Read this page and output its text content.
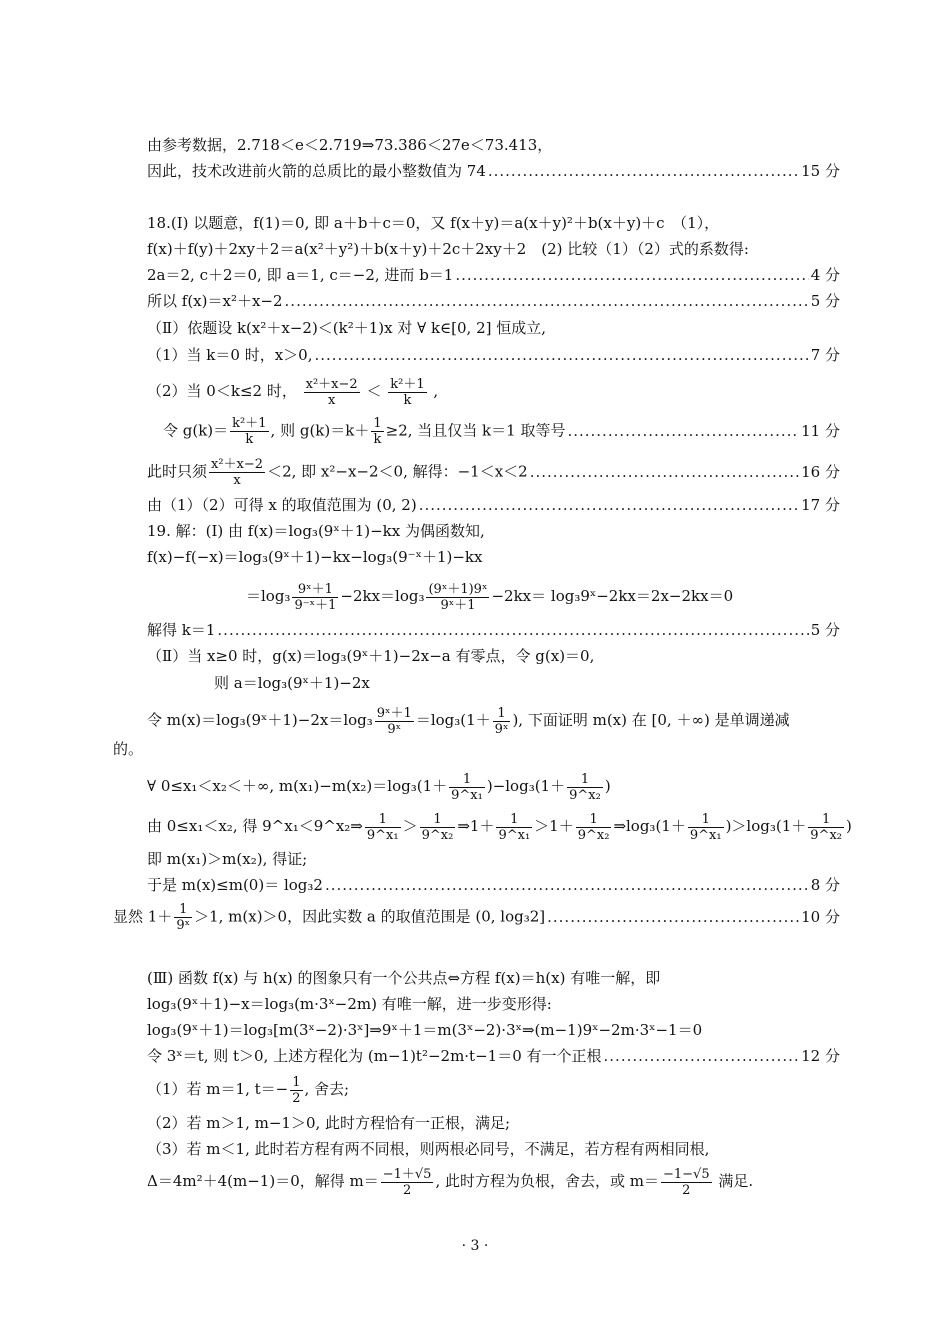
由参考数据，2.718＜e＜2.719⇒73.386＜27e＜73.413，
因此，技术改进前火箭的总质比的最小整数值为 74 .....	15 分
18.(Ⅰ) 以题意，f(1)＝0, 即 a＋b＋c＝0，又 f(x＋y)＝a(x＋y)²＋b(x＋y)＋c　（1），
f(x)＋f(y)＋2xy＋2＝a(x²＋y²)＋b(x＋y)＋2c＋2xy＋2　(2) 比较（1）（2）式的系数得:
2a＝2, c＋2＝0, 即 a＝1, c＝−2, 进而 b＝1 .....	4 分
所以 f(x)＝x²＋x−2 .....	5 分
（Ⅱ）依题设 k(x²＋x−2)＜(k²＋1)x 对 ∀ k∈[0, 2] 恒成立,
（1）当 k＝0 时，x＞0, .....	7 分
（2）当 0＜k≤2 时， $\frac{\text{x²＋x−2}}{x} < \frac{\text{k²＋1}}{k}$ ,
令 $g(k)= \frac{\text{k²＋1}}{k}$ , 则 $g(k)=k+ \frac{1}{k} \ge 2$, 当且仅当 k＝1 取等号 .....	11 分
此时只须 $\frac{\text{x²＋x−2}}{x} <2$, 即 x²−x−2＜0, 解得：−1＜x＜2 .....	16 分
由（1）（2）可得 x 的取值范围为 (0, 2) .....	17 分
19. 解：(Ⅰ) 由 f(x)＝log₃(9ˣ＋1)−kx 为偶函数知,
f(x)−f(−x)＝log₃(9ˣ＋1)−kx−log₃(9⁻ˣ＋1)−kx
$=\log_3 \frac{\text{9ˣ＋1}}{\text{9⁻ˣ＋1}} -2kx=\log_3 \frac{\text{(9ˣ＋1)9ˣ}}{\text{9ˣ＋1}} -2kx=$ log₃9ˣ−2kx＝2x−2kx＝0
解得 k＝1 .....	5 分
（Ⅱ）当 x≥0 时，g(x)＝log₃(9ˣ＋1)−2x−a 有零点，令 g(x)＝0,
则 a＝log₃(9ˣ＋1)−2x
令 m(x)＝log₃(9ˣ＋1)−2x＝log₃ $\frac{\text{9ˣ＋1}}{\text{9ˣ}} =\log_3(1+ \frac{1}{\text{9ˣ}}$ ), 下面证明 m(x) 在 [0, ＋∞) 是单调递减
的。
∀ 0≤x₁＜x₂＜＋∞, $m(x_1)-m(x_2)=\log_3(1+ \frac{1}{\text{9\textasciicircum{}x₁}} )-\log_3(1+ \frac{1}{\text{9\textasciicircum{}x₂}}$ )
由 0≤x₁＜x₂, 得 9^x₁＜9^x₂⇒ $\frac{1}{\text{9\textasciicircum{}x₁}} > \frac{1}{\text{9\textasciicircum{}x₂}}$ ⇒1＋ $\frac{1}{\text{9\textasciicircum{}x₁}} >1+ \frac{1}{\text{9\textasciicircum{}x₂}}$ ⇒log₃(1＋ $\frac{1}{\text{9\textasciicircum{}x₁}} )>\log_3(1+ \frac{1}{\text{9\textasciicircum{}x₂}}$ )
即 m(x₁)＞m(x₂), 得证;
于是 m(x)≤m(0)＝ log₃2 .....	8 分
显然 $1+ \frac{1}{\text{9ˣ}} >1$, m(x)＞0，因此实数 a 的取值范围是 (0, log₃2] .....	10 分
(Ⅲ) 函数 f(x) 与 h(x) 的图象只有一个公共点⇔方程 f(x)＝h(x) 有唯一解，即
log₃(9ˣ＋1)−x＝log₃(m·3ˣ−2m) 有唯一解，进一步变形得:
log₃(9ˣ＋1)＝log₃[m(3ˣ−2)·3ˣ]⇒9ˣ＋1＝m(3ˣ−2)·3ˣ⇒(m−1)9ˣ−2m·3ˣ−1＝0
令 3ˣ＝t, 则 t＞0, 上述方程化为 (m−1)t²−2m·t−1＝0 有一个正根 .....	12 分
（1）若 m＝1, $t=- \frac{1}{2}$ , 舍去;
（2）若 m＞1, m−1＞0, 此时方程恰有一正根，满足;
（3）若 m＜1, 此时若方程有两不同根，则两根必同号，不满足，若方程有两相同根,
Δ＝4m²＋4(m−1)＝0，解得 $m= \frac{-1+√5}{2}$ , 此时方程为负根，舍去，或 $m= \frac{-1-√5}{2}$ 满足.
· 3 ·
